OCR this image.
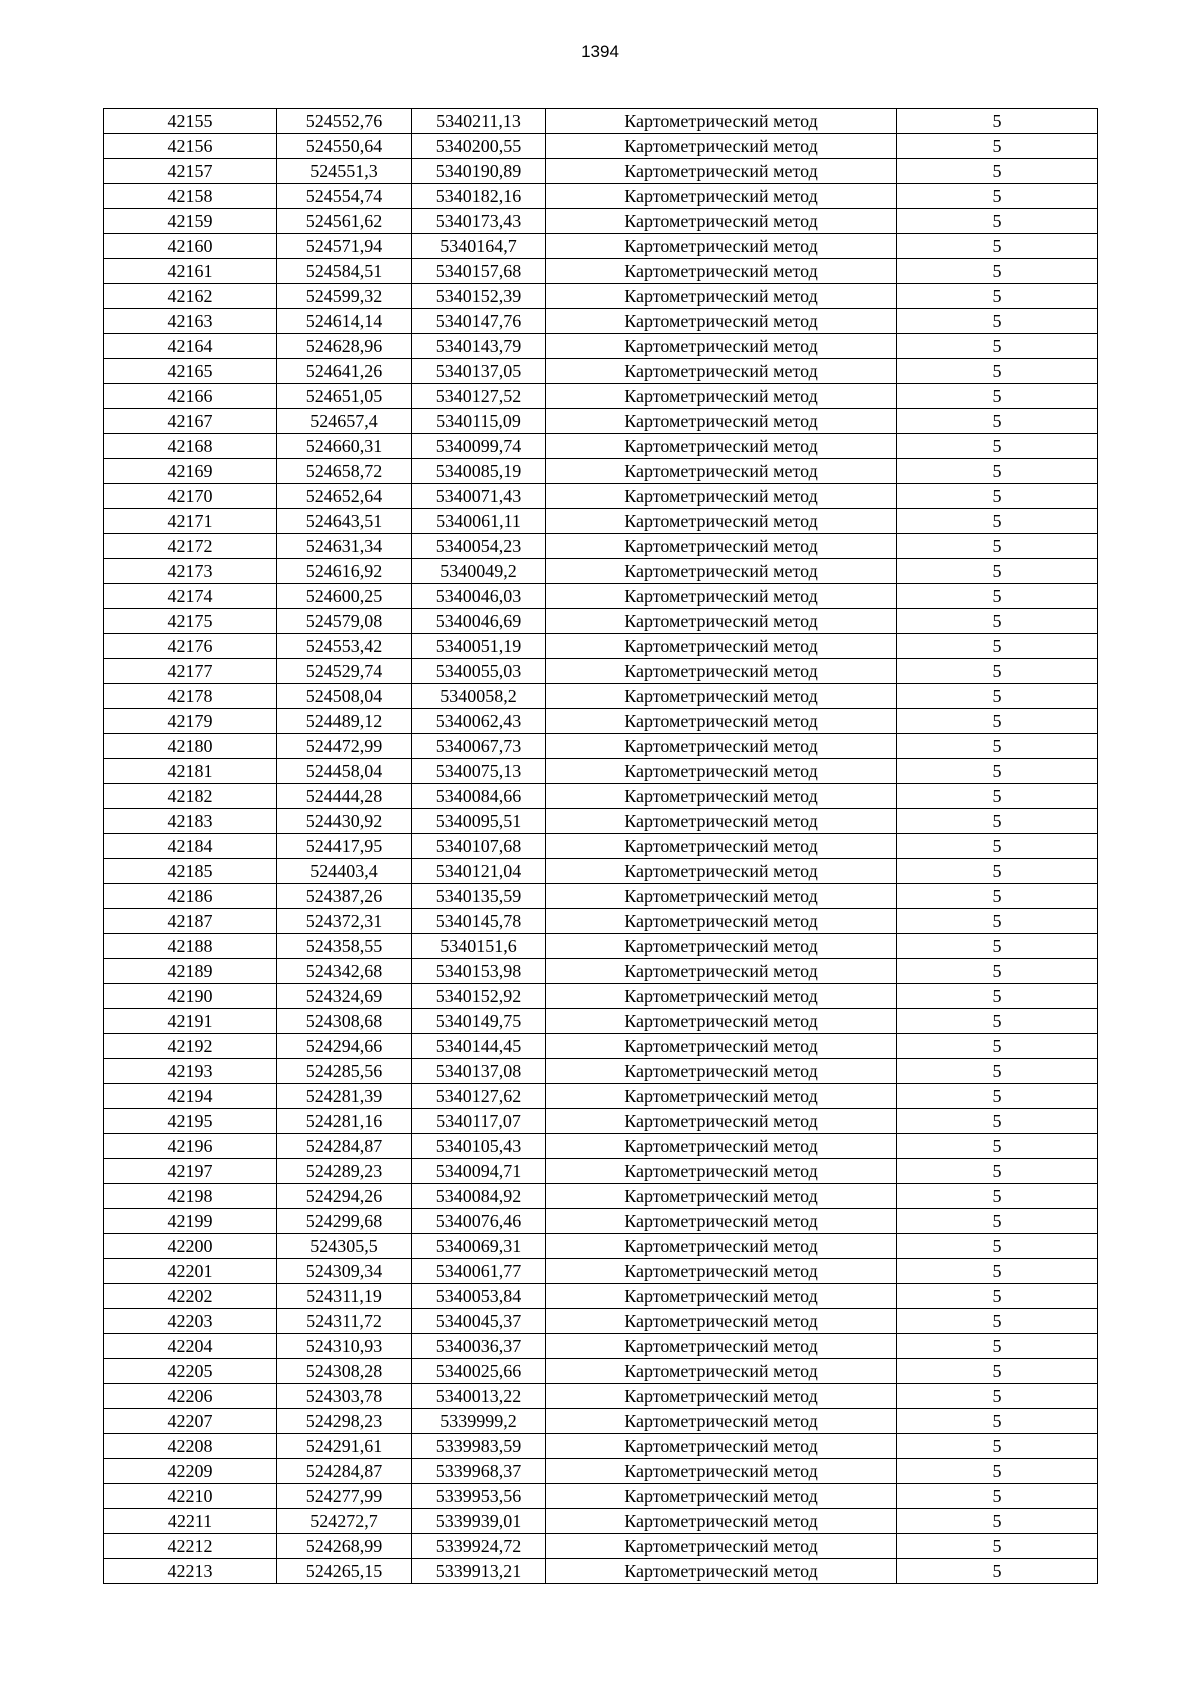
1394
42155	524552,76	5340211,13	Картометрический метод	5
42156	524550,64	5340200,55	Картометрический метод	5
42157	524551,3	5340190,89	Картометрический метод	5
42158	524554,74	5340182,16	Картометрический метод	5
42159	524561,62	5340173,43	Картометрический метод	5
42160	524571,94	5340164,7	Картометрический метод	5
42161	524584,51	5340157,68	Картометрический метод	5
42162	524599,32	5340152,39	Картометрический метод	5
42163	524614,14	5340147,76	Картометрический метод	5
42164	524628,96	5340143,79	Картометрический метод	5
42165	524641,26	5340137,05	Картометрический метод	5
42166	524651,05	5340127,52	Картометрический метод	5
42167	524657,4	5340115,09	Картометрический метод	5
42168	524660,31	5340099,74	Картометрический метод	5
42169	524658,72	5340085,19	Картометрический метод	5
42170	524652,64	5340071,43	Картометрический метод	5
42171	524643,51	5340061,11	Картометрический метод	5
42172	524631,34	5340054,23	Картометрический метод	5
42173	524616,92	5340049,2	Картометрический метод	5
42174	524600,25	5340046,03	Картометрический метод	5
42175	524579,08	5340046,69	Картометрический метод	5
42176	524553,42	5340051,19	Картометрический метод	5
42177	524529,74	5340055,03	Картометрический метод	5
42178	524508,04	5340058,2	Картометрический метод	5
42179	524489,12	5340062,43	Картометрический метод	5
42180	524472,99	5340067,73	Картометрический метод	5
42181	524458,04	5340075,13	Картометрический метод	5
42182	524444,28	5340084,66	Картометрический метод	5
42183	524430,92	5340095,51	Картометрический метод	5
42184	524417,95	5340107,68	Картометрический метод	5
42185	524403,4	5340121,04	Картометрический метод	5
42186	524387,26	5340135,59	Картометрический метод	5
42187	524372,31	5340145,78	Картометрический метод	5
42188	524358,55	5340151,6	Картометрический метод	5
42189	524342,68	5340153,98	Картометрический метод	5
42190	524324,69	5340152,92	Картометрический метод	5
42191	524308,68	5340149,75	Картометрический метод	5
42192	524294,66	5340144,45	Картометрический метод	5
42193	524285,56	5340137,08	Картометрический метод	5
42194	524281,39	5340127,62	Картометрический метод	5
42195	524281,16	5340117,07	Картометрический метод	5
42196	524284,87	5340105,43	Картометрический метод	5
42197	524289,23	5340094,71	Картометрический метод	5
42198	524294,26	5340084,92	Картометрический метод	5
42199	524299,68	5340076,46	Картометрический метод	5
42200	524305,5	5340069,31	Картометрический метод	5
42201	524309,34	5340061,77	Картометрический метод	5
42202	524311,19	5340053,84	Картометрический метод	5
42203	524311,72	5340045,37	Картометрический метод	5
42204	524310,93	5340036,37	Картометрический метод	5
42205	524308,28	5340025,66	Картометрический метод	5
42206	524303,78	5340013,22	Картометрический метод	5
42207	524298,23	5339999,2	Картометрический метод	5
42208	524291,61	5339983,59	Картометрический метод	5
42209	524284,87	5339968,37	Картометрический метод	5
42210	524277,99	5339953,56	Картометрический метод	5
42211	524272,7	5339939,01	Картометрический метод	5
42212	524268,99	5339924,72	Картометрический метод	5
42213	524265,15	5339913,21	Картометрический метод	5
